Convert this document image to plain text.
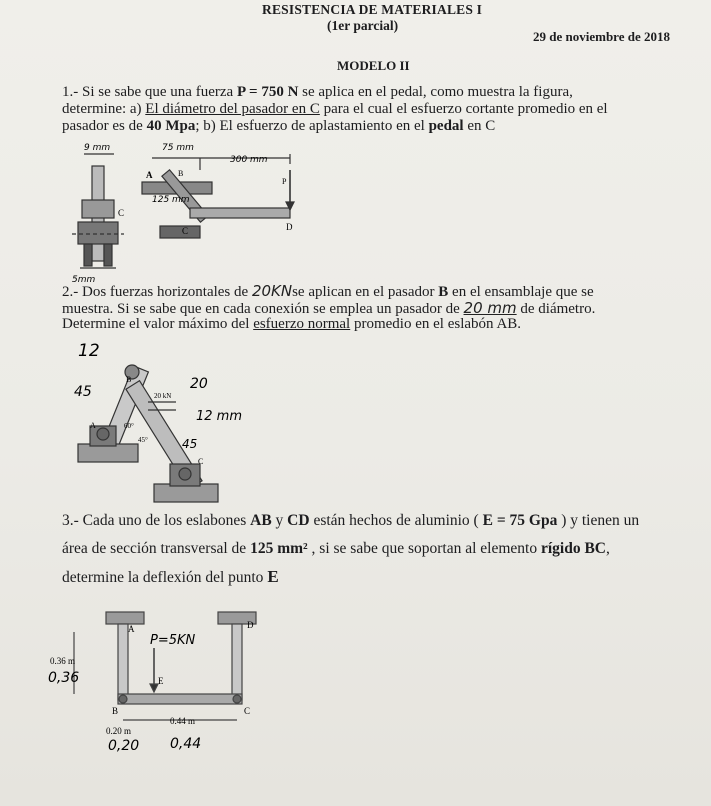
RESISTENCIA DE MATERIALES I
(1er parcial)
29 de noviembre de 2018
MODELO II
1.- Si se sabe que una fuerza P = 750 N se aplica en el pedal, como muestra la figura,
determine: a) El diámetro del pasador en C para el cual el esfuerzo cortante promedio en el
pasador es de 40 Mpa; b) El esfuerzo de aplastamiento en el pedal en C
9 mm	75 mm
300 mm
125 mm
5mm
A	B
C	D
P
C
2.- Dos fuerzas horizontales de 20KNse aplican en el pasador B en el ensamblaje que se
muestra. Si se sabe que en cada conexión se emplea un pasador de 20 mm de diámetro.
Determine el valor máximo del esfuerzo normal promedio en el eslabón AB.
12
45	20
12 mm
45
A
B
C
60°
45°
20 kN
3.- Cada uno de los eslabones AB y CD están hechos de aluminio ( E = 75 Gpa ) y tienen un
área de sección transversal de 125 mm² , si se sabe que soportan al elemento rígido BC,
determine la deflexión del punto E
A	D
B	C
E
P=5KN
0.36 m
0,36
0.20 m
0.44 m
0,20 0,44
